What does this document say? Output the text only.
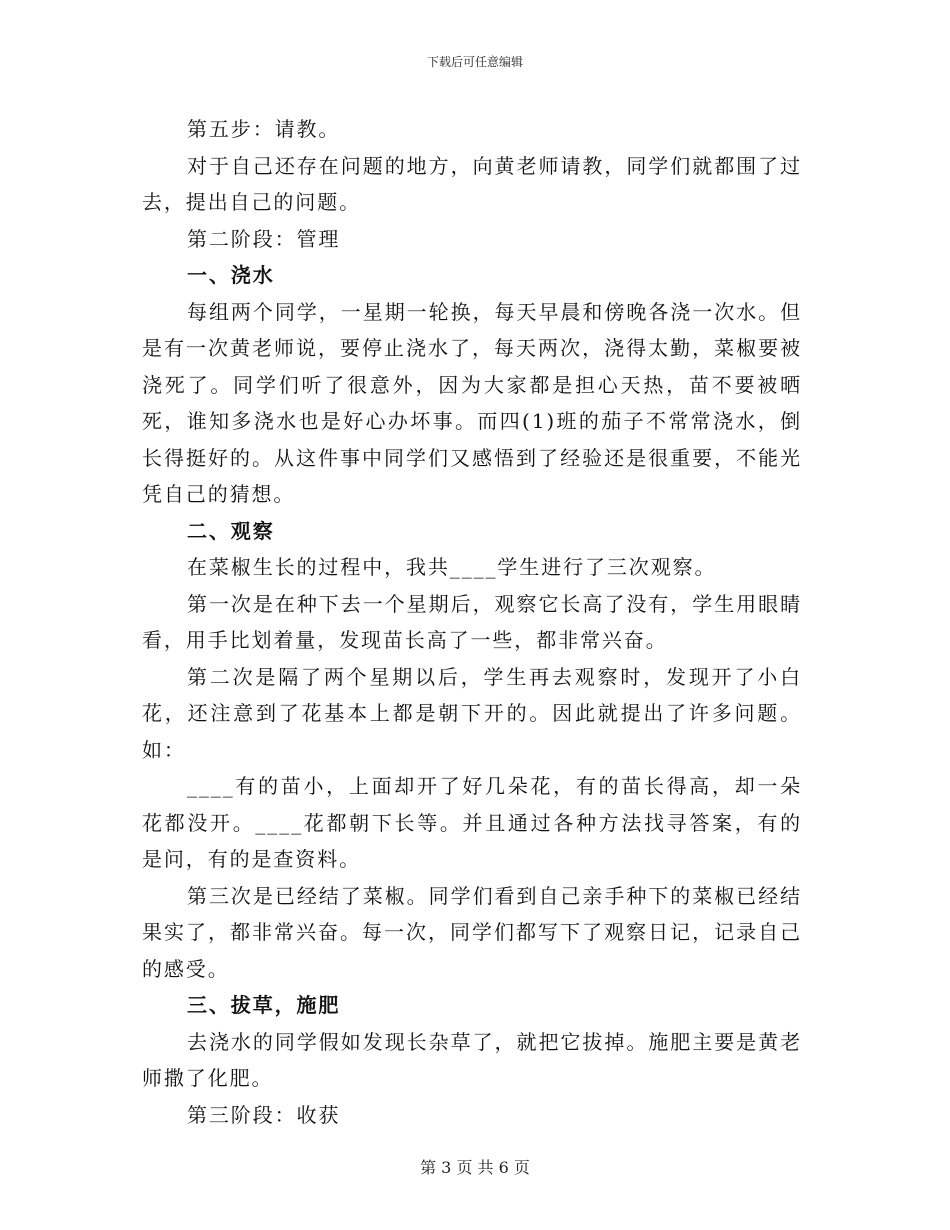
下载后可任意编辑

第五步：请教。

对于自己还存在问题的地方，向黄老师请教，同学们就都围了过去，提出自己的问题。

第二阶段：管理

一、浇水

每组两个同学，一星期一轮换，每天早晨和傍晚各浇一次水。但是有一次黄老师说，要停止浇水了，每天两次，浇得太勤，菜椒要被浇死了。同学们听了很意外，因为大家都是担心天热，苗不要被晒死，谁知多浇水也是好心办坏事。而四(1)班的茄子不常常浇水，倒长得挺好的。从这件事中同学们又感悟到了经验还是很重要，不能光凭自己的猜想。

二、观察

在菜椒生长的过程中，我共____学生进行了三次观察。

第一次是在种下去一个星期后，观察它长高了没有，学生用眼睛看，用手比划着量，发现苗长高了一些，都非常兴奋。

第二次是隔了两个星期以后，学生再去观察时，发现开了小白花，还注意到了花基本上都是朝下开的。因此就提出了许多问题。如：

____有的苗小，上面却开了好几朵花，有的苗长得高，却一朵花都没开。____花都朝下长等。并且通过各种方法找寻答案，有的是问，有的是查资料。

第三次是已经结了菜椒。同学们看到自己亲手种下的菜椒已经结果实了，都非常兴奋。每一次，同学们都写下了观察日记，记录自己的感受。

三、拔草，施肥

去浇水的同学假如发现长杂草了，就把它拔掉。施肥主要是黄老师撒了化肥。

第三阶段：收获

第 3 页 共 6 页
